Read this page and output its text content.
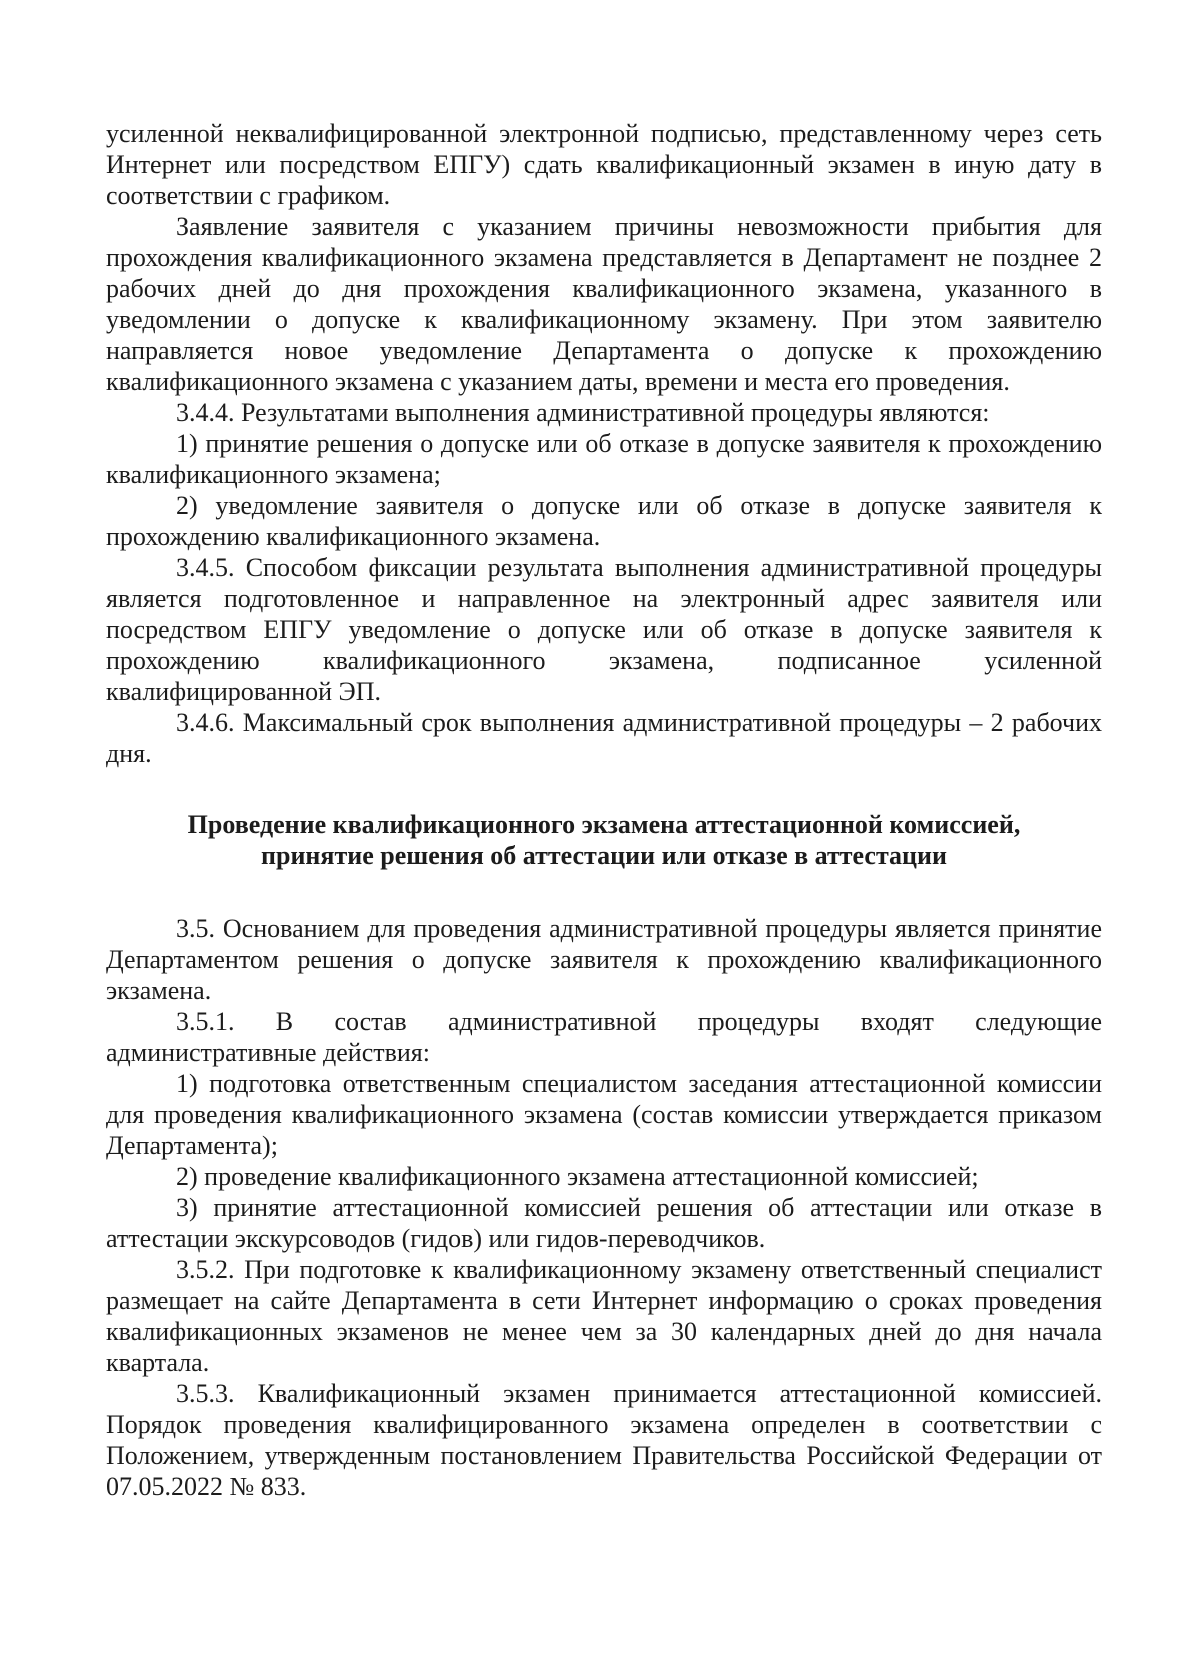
усиленной неквалифицированной электронной подписью, представленному через сеть Интернет или посредством ЕПГУ) сдать квалификационный экзамен в иную дату в соответствии с графиком.

Заявление заявителя с указанием причины невозможности прибытия для прохождения квалификационного экзамена представляется в Департамент не позднее 2 рабочих дней до дня прохождения квалификационного экзамена, указанного в уведомлении о допуске к квалификационному экзамену. При этом заявителю направляется новое уведомление Департамента о допуске к прохождению квалификационного экзамена с указанием даты, времени и места его проведения.

3.4.4. Результатами выполнения административной процедуры являются:

1) принятие решения о допуске или об отказе в допуске заявителя к прохождению квалификационного экзамена;

2) уведомление заявителя о допуске или об отказе в допуске заявителя к прохождению квалификационного экзамена.

3.4.5. Способом фиксации результата выполнения административной процедуры является подготовленное и направленное на электронный адрес заявителя или посредством ЕПГУ уведомление о допуске или об отказе в допуске заявителя к прохождению квалификационного экзамена, подписанное усиленной квалифицированной ЭП.

3.4.6. Максимальный срок выполнения административной процедуры – 2 рабочих дня.

Проведение квалификационного экзамена аттестационной комиссией,
принятие решения об аттестации или отказе в аттестации

3.5. Основанием для проведения административной процедуры является принятие Департаментом решения о допуске заявителя к прохождению квалификационного экзамена.

3.5.1. В состав административной процедуры входят следующие административные действия:

1) подготовка ответственным специалистом заседания аттестационной комиссии для проведения квалификационного экзамена (состав комиссии утверждается приказом Департамента);

2) проведение квалификационного экзамена аттестационной комиссией;

3) принятие аттестационной комиссией решения об аттестации или отказе в аттестации экскурсоводов (гидов) или гидов-переводчиков.

3.5.2. При подготовке к квалификационному экзамену ответственный специалист размещает на сайте Департамента в сети Интернет информацию о сроках проведения квалификационных экзаменов не менее чем за 30 календарных дней до дня начала квартала.

3.5.3. Квалификационный экзамен принимается аттестационной комиссией. Порядок проведения квалифицированного экзамена определен в соответствии с Положением, утвержденным постановлением Правительства Российской Федерации от 07.05.2022 № 833.
